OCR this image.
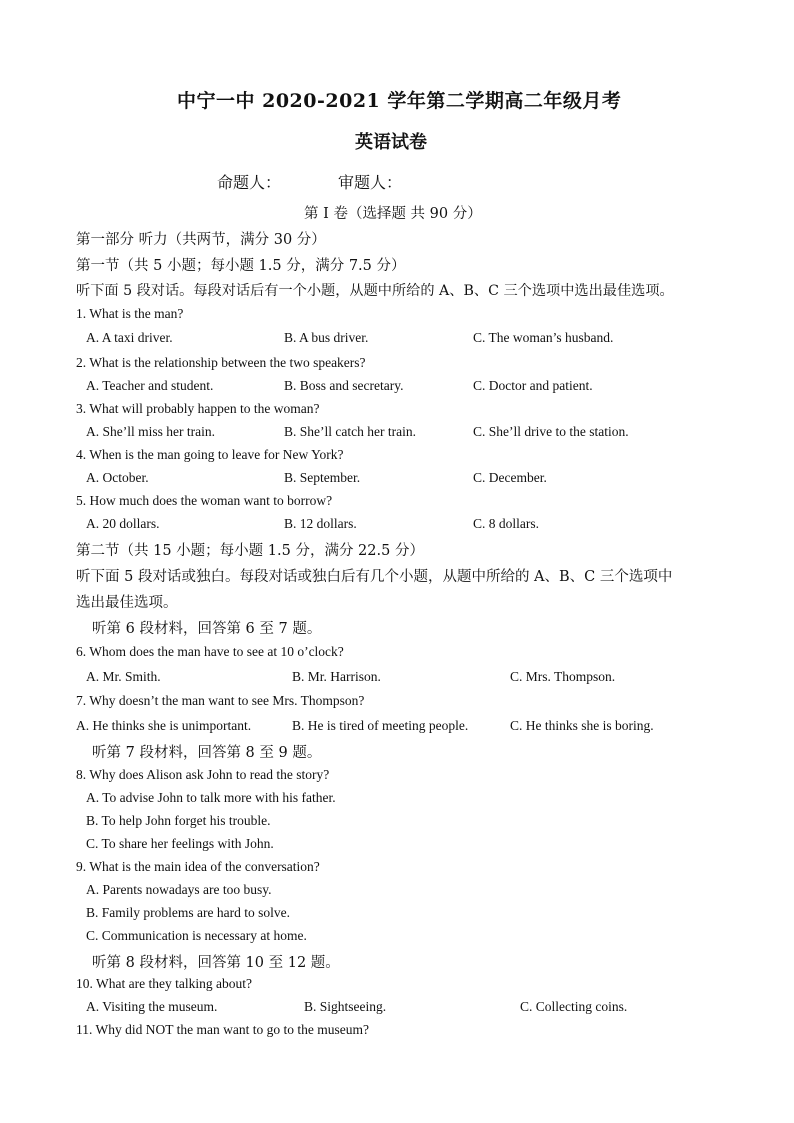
中宁一中 2020-2021 学年第二学期高二年级月考
英语试卷
命题人：	审题人：
第 I 卷（选择题 共 90 分）
第一部分 听力（共两节，满分 30 分）
第一节（共 5 小题；每小题 1.5 分，满分 7.5 分）
听下面 5 段对话。每段对话后有一个小题，从题中所给的 A、B、C 三个选项中选出最佳选项。
1. What is the man?
A. A taxi driver.	B. A bus driver.	C. The woman’s husband.
2. What is the relationship between the two speakers?
A. Teacher and student.	B. Boss and secretary.	C. Doctor and patient.
3. What will probably happen to the woman?
A. She’ll miss her train.	B. She’ll catch her train.	C. She’ll drive to the station.
4. When is the man going to leave for New York?
A. October.	B. September.	C. December.
5. How much does the woman want to borrow?
A. 20 dollars.	B. 12 dollars.	C. 8 dollars.
第二节（共 15 小题；每小题 1.5 分，满分 22.5 分）
听下面 5 段对话或独白。每段对话或独白后有几个小题，从题中所给的 A、B、C 三个选项中
选出最佳选项。
听第 6 段材料，回答第 6 至 7 题。
6. Whom does the man have to see at 10 o’clock?
A. Mr. Smith.	B. Mr. Harrison.	C. Mrs. Thompson.
7. Why doesn’t the man want to see Mrs. Thompson?
A. He thinks she is unimportant.	B. He is tired of meeting people.	C. He thinks she is boring.
听第 7 段材料，回答第 8 至 9 题。
8. Why does Alison ask John to read the story?
A. To advise John to talk more with his father.
B. To help John forget his trouble.
C. To share her feelings with John.
9. What is the main idea of the conversation?
A. Parents nowadays are too busy.
B. Family problems are hard to solve.
C. Communication is necessary at home.
听第 8 段材料，回答第 10 至 12 题。
10. What are they talking about?
A. Visiting the museum.	B. Sightseeing.	C. Collecting coins.
11. Why did NOT the man want to go to the museum?
